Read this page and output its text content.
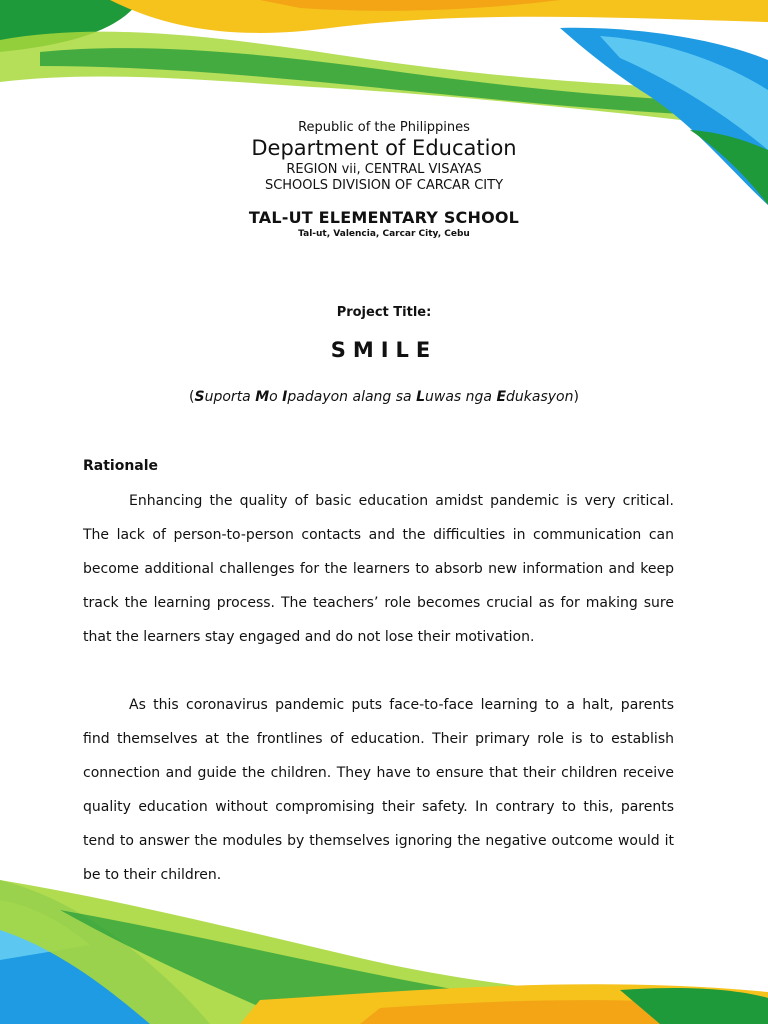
Republic of the Philippines
Department of Education
REGION vii, CENTRAL VISAYAS
SCHOOLS DIVISION OF CARCAR CITY
TAL-UT ELEMENTARY SCHOOL
Tal-ut, Valencia, Carcar City, Cebu
Project Title:
SMILE
(Suporta Mo Ipadayon alang sa Luwas nga Edukasyon)
Rationale

Enhancing the quality of basic education amidst pandemic is very critical. The lack of person-to-person contacts and the difficulties in communication can become additional challenges for the learners to absorb new information and keep track the learning process. The teachers’ role becomes crucial as for making sure that the learners stay engaged and do not lose their motivation.

As this coronavirus pandemic puts face-to-face learning to a halt, parents find themselves at the frontlines of education. Their primary role is to establish connection and guide the children. They have to ensure that their children receive quality education without compromising their safety. In contrary to this, parents tend to answer the modules by themselves ignoring the negative outcome would it be to their children.
